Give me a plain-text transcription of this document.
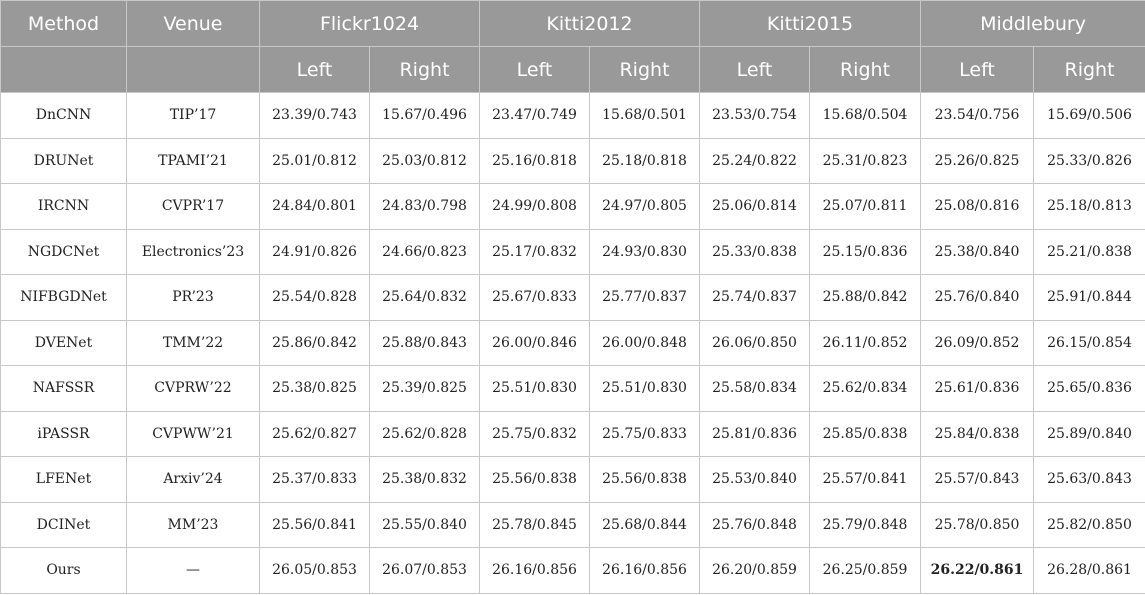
Method	Venue	Flickr1024		Kitti2012		Kitti2015		Middlebury	
		Left	Right	Left	Right	Left	Right	Left	Right
DnCNN	TIP’17	23.39/0.743	15.67/0.496	23.47/0.749	15.68/0.501	23.53/0.754	15.68/0.504	23.54/0.756	15.69/0.506
DRUNet	TPAMI’21	25.01/0.812	25.03/0.812	25.16/0.818	25.18/0.818	25.24/0.822	25.31/0.823	25.26/0.825	25.33/0.826
IRCNN	CVPR’17	24.84/0.801	24.83/0.798	24.99/0.808	24.97/0.805	25.06/0.814	25.07/0.811	25.08/0.816	25.18/0.813
NGDCNet	Electronics’23	24.91/0.826	24.66/0.823	25.17/0.832	24.93/0.830	25.33/0.838	25.15/0.836	25.38/0.840	25.21/0.838
NIFBGDNet	PR’23	25.54/0.828	25.64/0.832	25.67/0.833	25.77/0.837	25.74/0.837	25.88/0.842	25.76/0.840	25.91/0.844
DVENet	TMM’22	25.86/0.842	25.88/0.843	26.00/0.846	26.00/0.848	26.06/0.850	26.11/0.852	26.09/0.852	26.15/0.854
NAFSSR	CVPRW’22	25.38/0.825	25.39/0.825	25.51/0.830	25.51/0.830	25.58/0.834	25.62/0.834	25.61/0.836	25.65/0.836
iPASSR	CVPWW’21	25.62/0.827	25.62/0.828	25.75/0.832	25.75/0.833	25.81/0.836	25.85/0.838	25.84/0.838	25.89/0.840
LFENet	Arxiv’24	25.37/0.833	25.38/0.832	25.56/0.838	25.56/0.838	25.53/0.840	25.57/0.841	25.57/0.843	25.63/0.843
DCINet	MM’23	25.56/0.841	25.55/0.840	25.78/0.845	25.68/0.844	25.76/0.848	25.79/0.848	25.78/0.850	25.82/0.850
Ours	—	26.05/0.853	26.07/0.853	26.16/0.856	26.16/0.856	26.20/0.859	26.25/0.859	26.22/0.861	26.28/0.861
